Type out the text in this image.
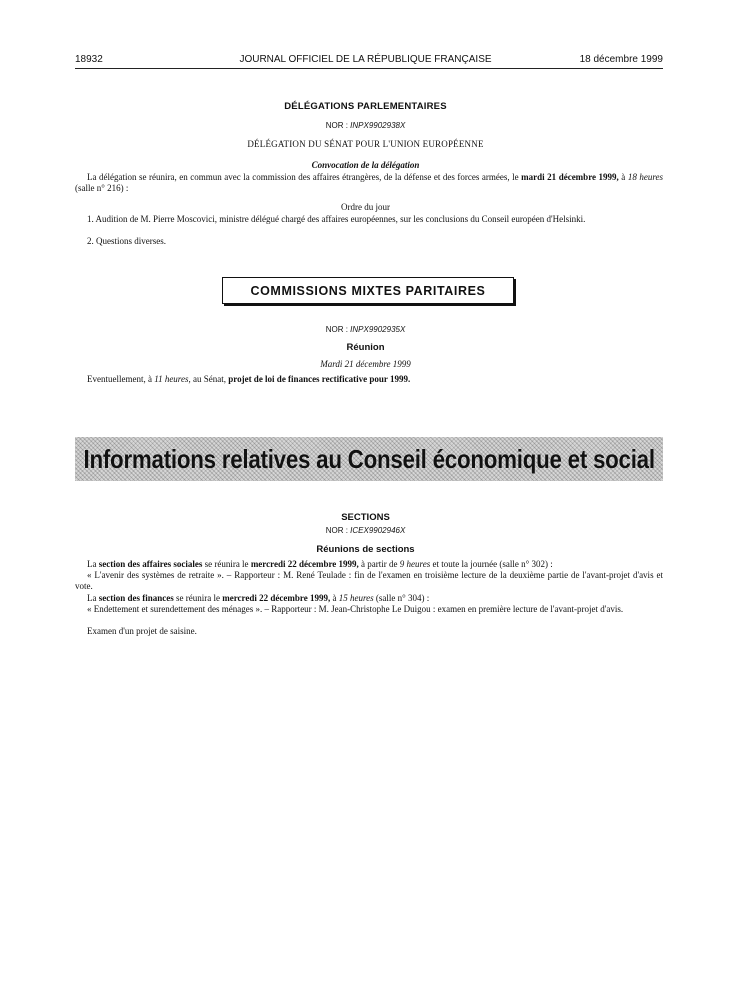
18932	JOURNAL OFFICIEL DE LA RÉPUBLIQUE FRANÇAISE	18 décembre 1999
DÉLÉGATIONS PARLEMENTAIRES
NOR : INPX9902938X
DÉLÉGATION DU SÉNAT POUR L'UNION EUROPÉENNE
Convocation de la délégation
La délégation se réunira, en commun avec la commission des affaires étrangères, de la défense et des forces armées, le mardi 21 décembre 1999, à 18 heures (salle n° 216) :
Ordre du jour
1. Audition de M. Pierre Moscovici, ministre délégué chargé des affaires européennes, sur les conclusions du Conseil européen d'Helsinki.
2. Questions diverses.
COMMISSIONS MIXTES PARITAIRES
NOR : INPX9902935X
Réunion
Mardi 21 décembre 1999
Eventuellement, à 11 heures, au Sénat, projet de loi de finances rectificative pour 1999.
Informations relatives au Conseil économique et social
SECTIONS
NOR : ICEX9902946X
Réunions de sections
La section des affaires sociales se réunira le mercredi 22 décembre 1999, à partir de 9 heures et toute la journée (salle n° 302) :
« L'avenir des systèmes de retraite ». – Rapporteur : M. René Teulade : fin de l'examen en troisième lecture de la deuxième partie de l'avant-projet d'avis et vote.
La section des finances se réunira le mercredi 22 décembre 1999, à 15 heures (salle n° 304) :
« Endettement et surendettement des ménages ». – Rapporteur : M. Jean-Christophe Le Duigou : examen en première lecture de l'avant-projet d'avis.
Examen d'un projet de saisine.
